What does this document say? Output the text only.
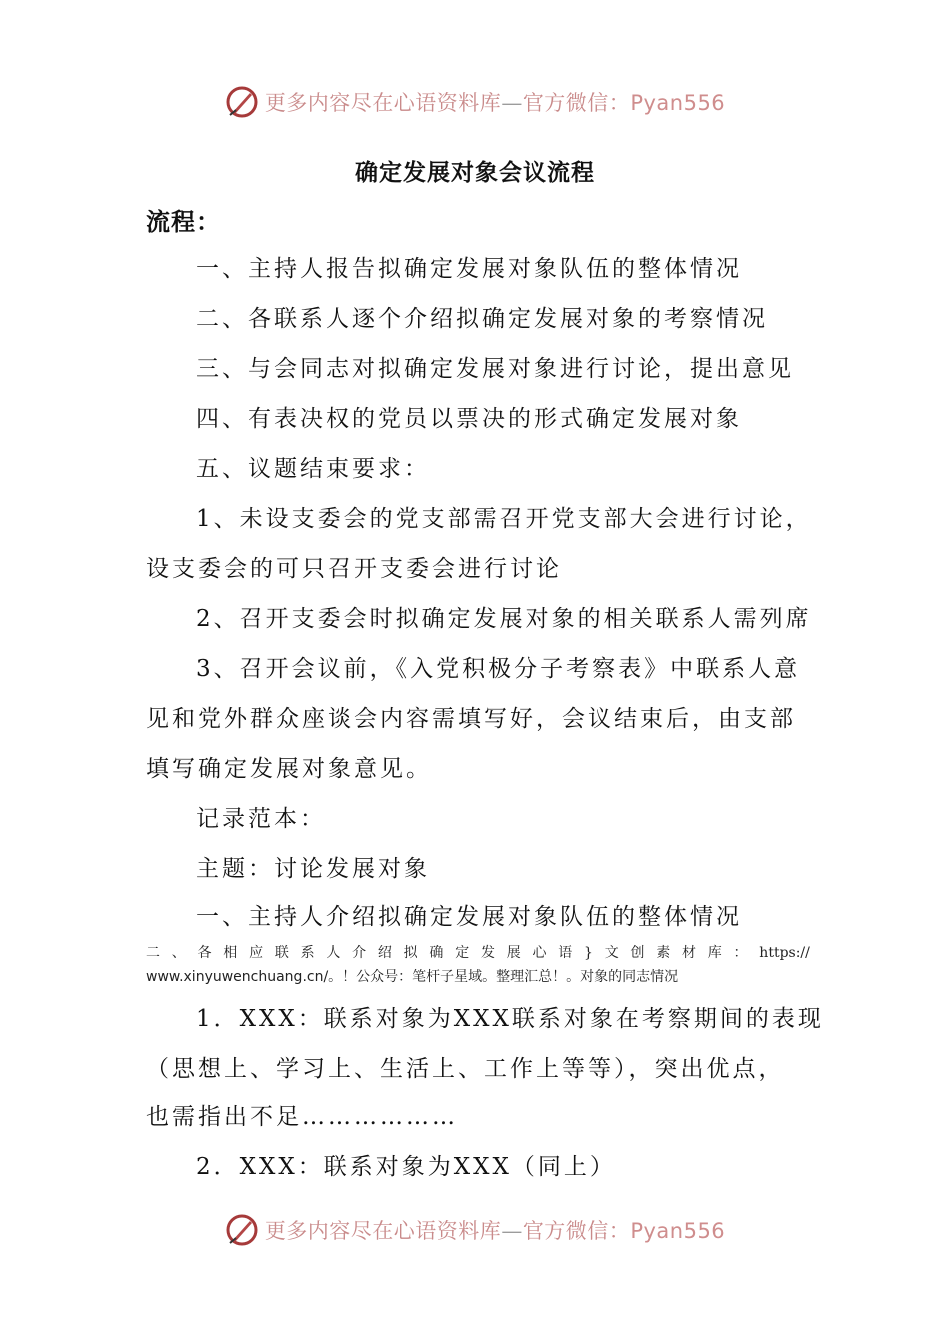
更多内容尽在心语资料库—官方微信：Pyan556
确定发展对象会议流程
流程：
一、主持人报告拟确定发展对象队伍的整体情况
二、各联系人逐个介绍拟确定发展对象的考察情况
三、与会同志对拟确定发展对象进行讨论，提出意见
四、有表决权的党员以票决的形式确定发展对象
五、议题结束要求：
1、未设支委会的党支部需召开党支部大会进行讨论，
设支委会的可只召开支委会进行讨论
2、召开支委会时拟确定发展对象的相关联系人需列席
3、召开会议前，《入党积极分子考察表》中联系人意
见和党外群众座谈会内容需填写好，会议结束后，由支部
填写确定发展对象意见。
记录范本：
主题：讨论发展对象
一、主持人介绍拟确定发展对象队伍的整体情况
二 、 各 相 应 联 系 人 介 绍 拟 确 定 发 展 心 语 } 文 创 素 材 库 ： https://
www.xinyuwenchuang.cn/。！公众号：笔杆子星域。整理汇总！。对象的同志情况
1．XXX：联系对象为XXX联系对象在考察期间的表现
（思想上、学习上、生活上、工作上等等），突出优点，
也需指出不足………………
2．XXX：联系对象为XXX（同上）
更多内容尽在心语资料库—官方微信：Pyan556
